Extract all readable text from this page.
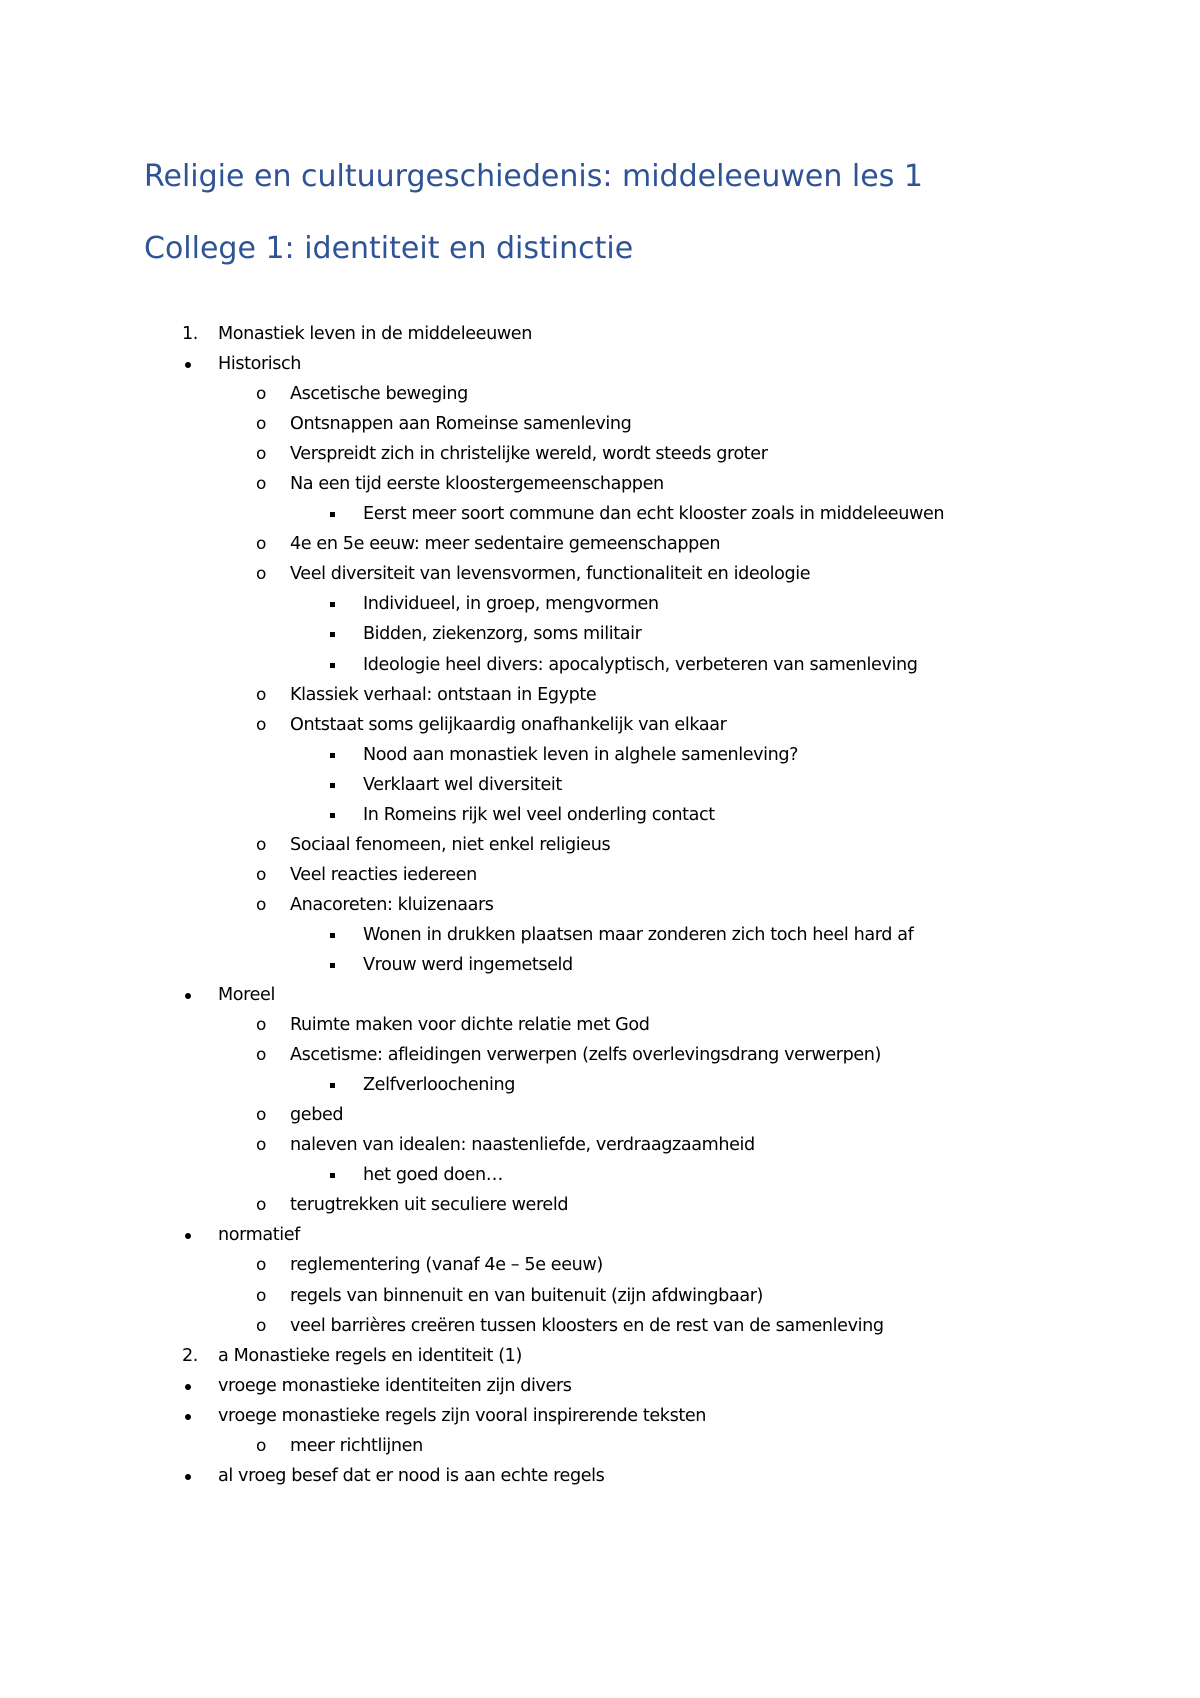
Religie en cultuurgeschiedenis: middeleeuwen les 1
College 1: identiteit en distinctie
1. Monastiek leven in de middeleeuwen
Historisch
o Ascetische beweging
o Ontsnappen aan Romeinse samenleving
o Verspreidt zich in christelijke wereld, wordt steeds groter
o Na een tijd eerste kloostergemeenschappen
Eerst meer soort commune dan echt klooster zoals in middeleeuwen
o 4e en 5e eeuw: meer sedentaire gemeenschappen
o Veel diversiteit van levensvormen, functionaliteit en ideologie
Individueel, in groep, mengvormen
Bidden, ziekenzorg, soms militair
Ideologie heel divers: apocalyptisch, verbeteren van samenleving
o Klassiek verhaal: ontstaan in Egypte
o Ontstaat soms gelijkaardig onafhankelijk van elkaar
Nood aan monastiek leven in alghele samenleving?
Verklaart wel diversiteit
In Romeins rijk wel veel onderling contact
o Sociaal fenomeen, niet enkel religieus
o Veel reacties iedereen
o Anacoreten: kluizenaars
Wonen in drukken plaatsen maar zonderen zich toch heel hard af
Vrouw werd ingemetseld
Moreel
o Ruimte maken voor dichte relatie met God
o Ascetisme: afleidingen verwerpen (zelfs overlevingsdrang verwerpen)
Zelfverloochening
o gebed
o naleven van idealen: naastenliefde, verdraagzaamheid
het goed doen…
o terugtrekken uit seculiere wereld
normatief
o reglementering (vanaf 4e – 5e eeuw)
o regels van binnenuit en van buitenuit (zijn afdwingbaar)
o veel barrières creëren tussen kloosters en de rest van de samenleving
2. a Monastieke regels en identiteit (1)
vroege monastieke identiteiten zijn divers
vroege monastieke regels zijn vooral inspirerende teksten
o meer richtlijnen
al vroeg besef dat er nood is aan echte regels
